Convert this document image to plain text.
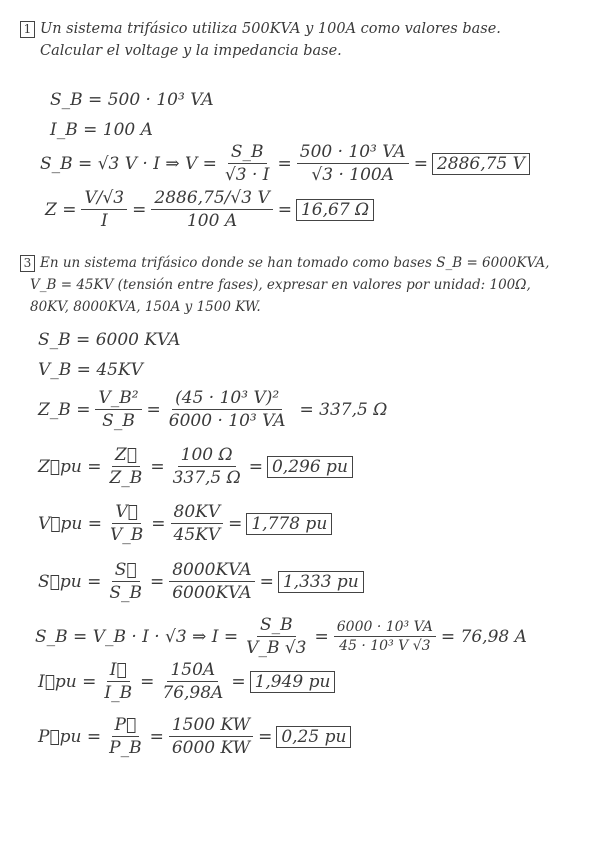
1 Un sistema trifásico utiliza 500KVA y 100A como valores base.
Calcular el voltage y la impedancia base.
S_B = 500 · 10³ VA
I_B = 100 A
S_B = √3 V · I ⇒ $V = \frac{S\_B}{√3 \cdot I} = \frac{\text{500 · 10³ VA}}{√3 \cdot 100A} = 2886,75$ V
$Z = \frac{V/√3}{I} = \frac{2886,75/√3 V}{100 A} = 16,67$ Ω
3 En un sistema trifásico donde se han tomado como bases S_B = 6000KVA,
V_B = 45KV (tensión entre fases), expresar en valores por unidad: 100Ω,
80KV, 8000KVA, 150A y 1500 KW.
S_B = 6000 KVA
V_B = 45KV
Z_B = $\frac{\text{V\_B²}}{S\_B} = \frac{\text{(45 · 10³ V)²}}{\text{6000 · 10³ VA}} = 337,5$ Ω
Z⃗pu = $\frac{Z⃗}{Z\_B} = \frac{100 \Omega}{337,5 \Omega} = 0,296$ pu
V⃗pu = $\frac{V⃗}{V\_B} = \frac{80KV}{45KV} = 1,778$ pu
S⃗pu = $\frac{S⃗}{S\_B} = \frac{\text{8000KVA}}{\text{6000KVA}} = 1,333$ pu
S_B = V_B · I · √3 ⇒ $I = \frac{S\_B}{V\_B √3} = \frac{\text{6000 · 10³ VA}}{\text{45 · 10³ V √3}} = 76,98$ A
I⃗pu = $\frac{I⃗}{I\_B} = \frac{150A}{76,98A} = 1,949$ pu
P⃗pu = $\frac{P⃗}{P\_B} = \frac{1500 KW}{6000 KW} = 0,25$ pu
